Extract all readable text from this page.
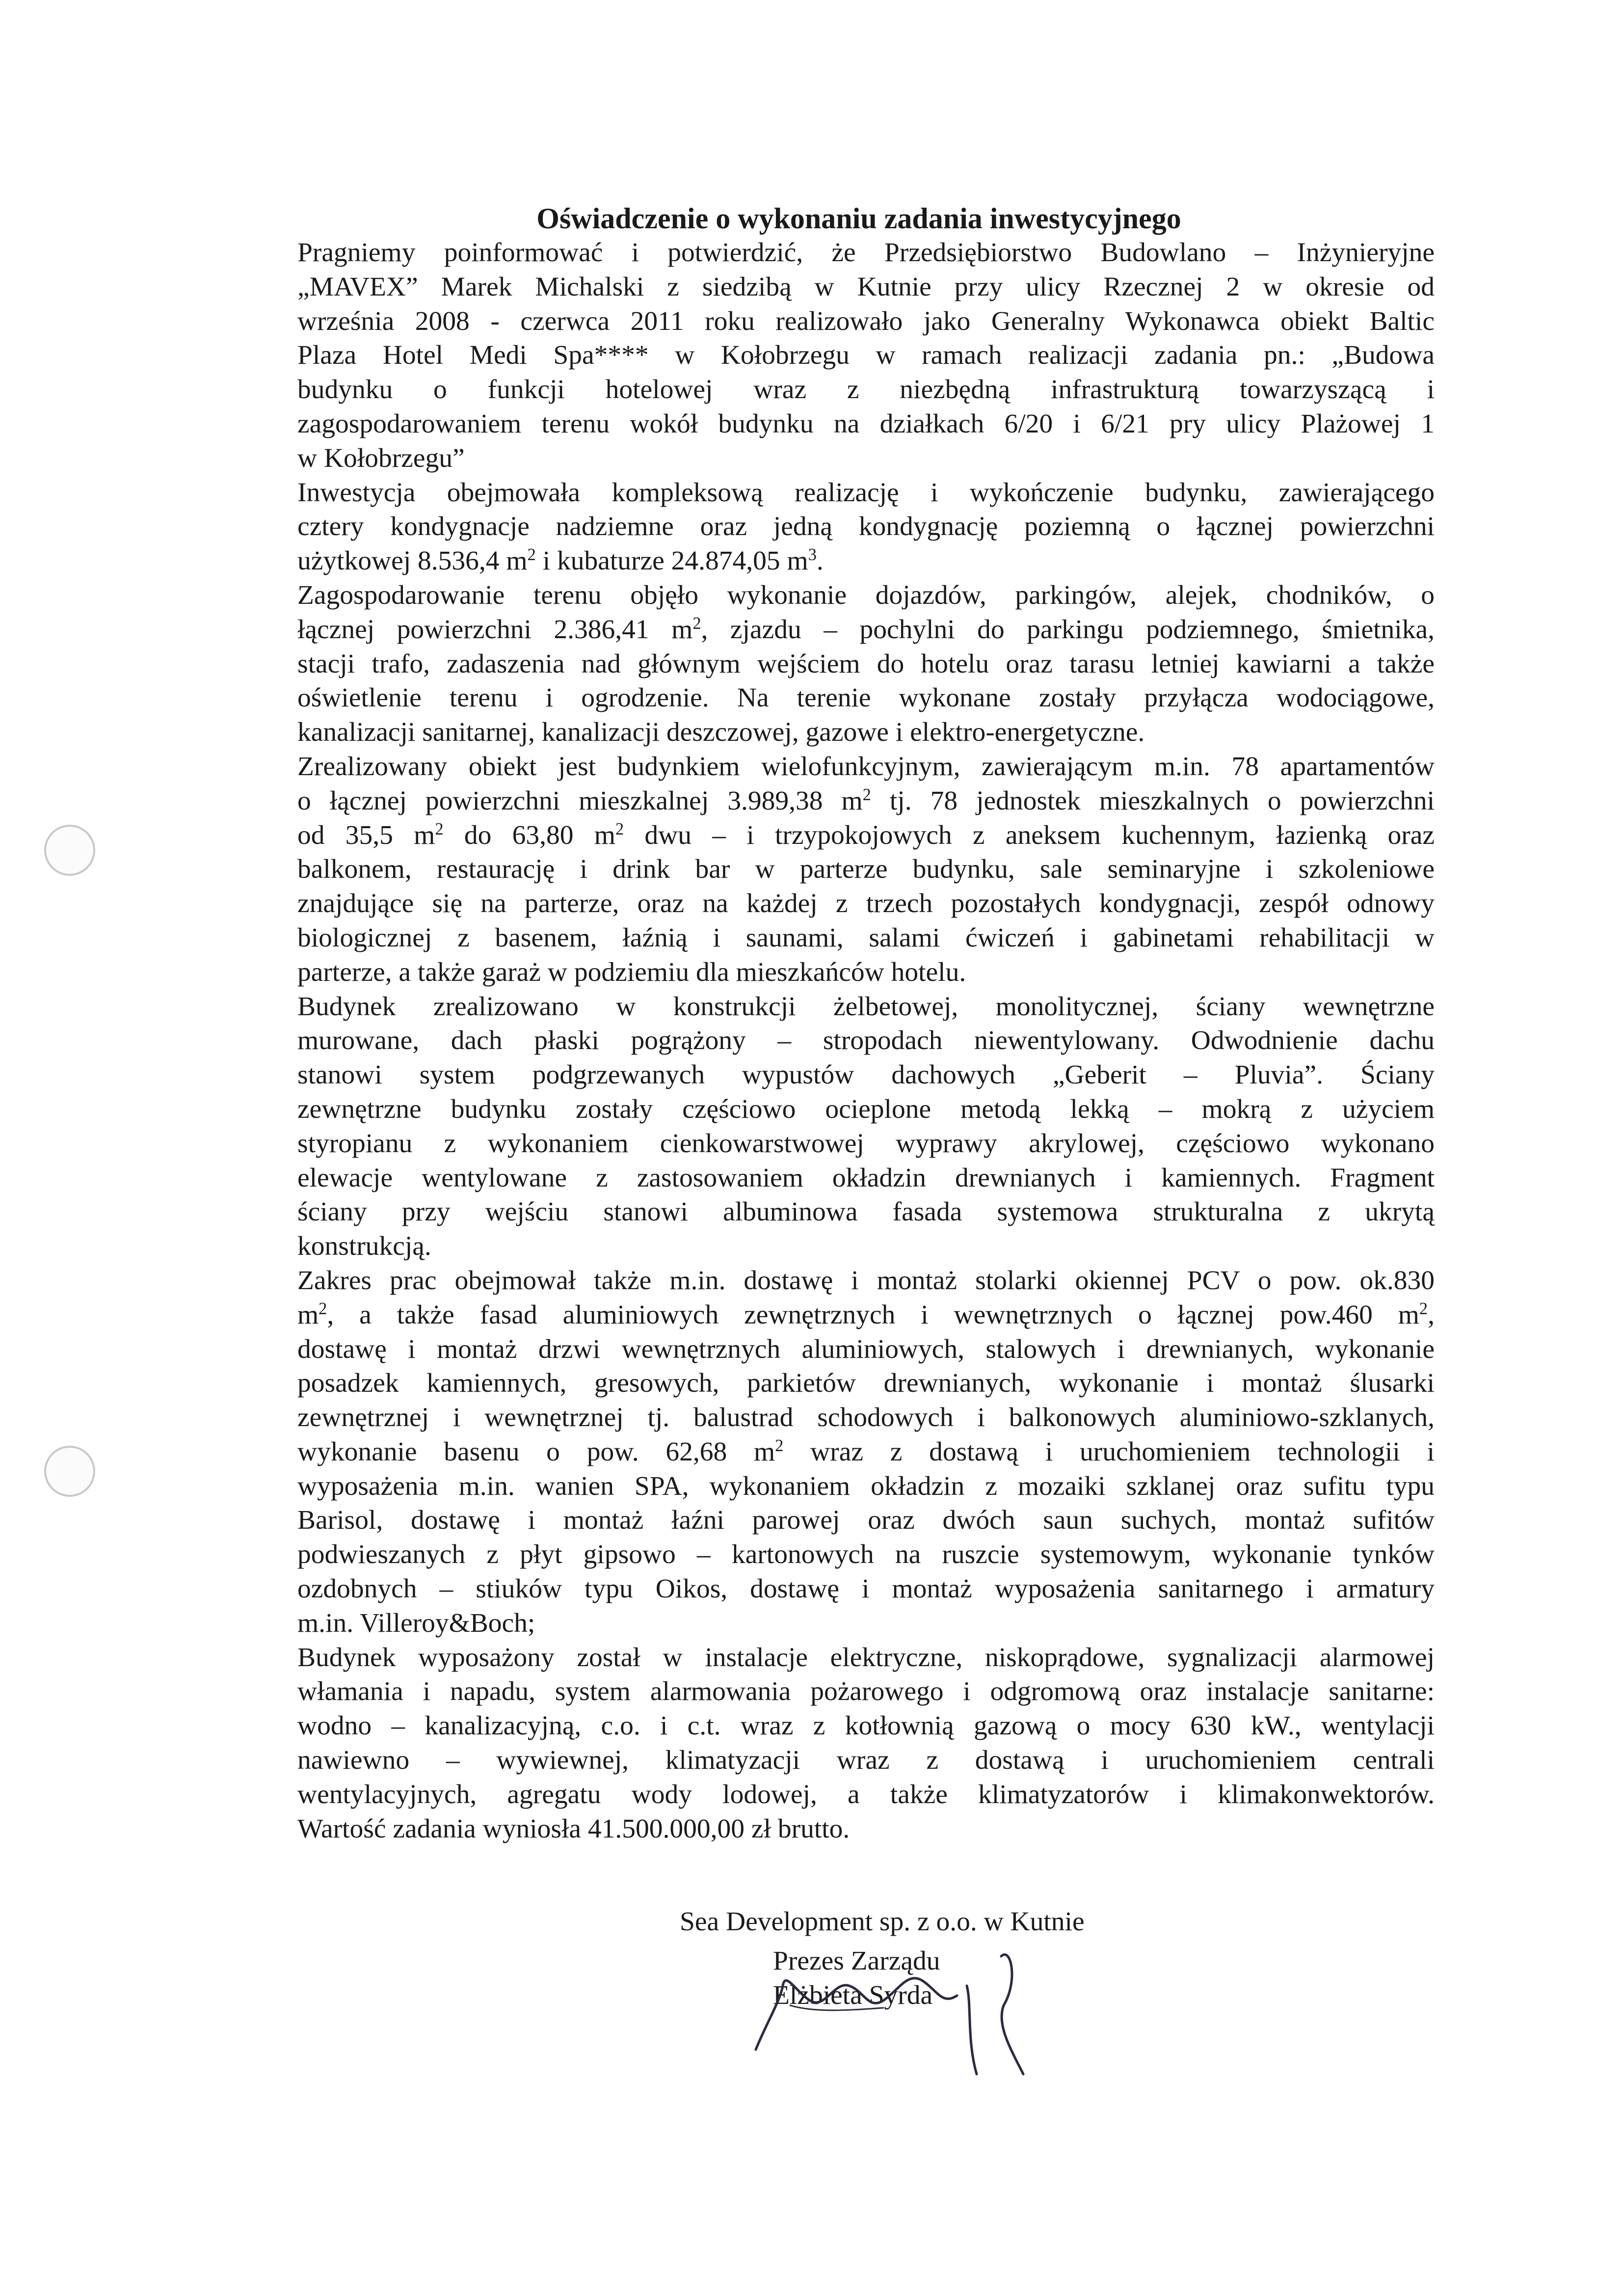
Oświadczenie o wykonaniu zadania inwestycyjnego

Pragniemy poinformować i potwierdzić, że Przedsiębiorstwo Budowlano – Inżynieryjne
„MAVEX” Marek Michalski z siedzibą w Kutnie przy ulicy Rzecznej 2 w okresie od
września 2008 - czerwca 2011 roku realizowało jako Generalny Wykonawca obiekt Baltic
Plaza Hotel Medi Spa**** w Kołobrzegu w ramach realizacji zadania pn.: „Budowa
budynku o funkcji hotelowej wraz z niezbędną infrastrukturą towarzyszącą i
zagospodarowaniem terenu wokół budynku na działkach 6/20 i 6/21 pry ulicy Plażowej 1
w Kołobrzegu”

Inwestycja obejmowała kompleksową realizację i wykończenie budynku, zawierającego
cztery kondygnacje nadziemne oraz jedną kondygnację poziemną o łącznej powierzchni
użytkowej 8.536,4 $m^2$ i kubaturze 24.874,05 $m^3$.

Zagospodarowanie terenu objęło wykonanie dojazdów, parkingów, alejek, chodników, o
łącznej powierzchni 2.386,41 $m^2$, zjazdu – pochylni do parkingu podziemnego, śmietnika,
stacji trafo, zadaszenia nad głównym wejściem do hotelu oraz tarasu letniej kawiarni a także
oświetlenie terenu i ogrodzenie. Na terenie wykonane zostały przyłącza wodociągowe,
kanalizacji sanitarnej, kanalizacji deszczowej, gazowe i elektro-energetyczne.

Zrealizowany obiekt jest budynkiem wielofunkcyjnym, zawierającym m.in. 78 apartamentów
o łącznej powierzchni mieszkalnej 3.989,38 $m^2$ tj. 78 jednostek mieszkalnych o powierzchni
od 35,5 $m^2$ do 63,80 $m^2$ dwu – i trzypokojowych z aneksem kuchennym, łazienką oraz
balkonem, restaurację i drink bar w parterze budynku, sale seminaryjne i szkoleniowe
znajdujące się na parterze, oraz na każdej z trzech pozostałych kondygnacji, zespół odnowy
biologicznej z basenem, łaźnią i saunami, salami ćwiczeń i gabinetami rehabilitacji w
parterze, a także garaż w podziemiu dla mieszkańców hotelu.

Budynek zrealizowano w konstrukcji żelbetowej, monolitycznej, ściany wewnętrzne
murowane, dach płaski pogrążony – stropodach niewentylowany. Odwodnienie dachu
stanowi system podgrzewanych wypustów dachowych „Geberit – Pluvia”. Ściany
zewnętrzne budynku zostały częściowo ocieplone metodą lekką – mokrą z użyciem
styropianu z wykonaniem cienkowarstwowej wyprawy akrylowej, częściowo wykonano
elewacje wentylowane z zastosowaniem okładzin drewnianych i kamiennych. Fragment
ściany przy wejściu stanowi albuminowa fasada systemowa strukturalna z ukrytą
konstrukcją.

Zakres prac obejmował także m.in. dostawę i montaż stolarki okiennej PCV o pow. ok.830
$m^2$, a także fasad aluminiowych zewnętrznych i wewnętrznych o łącznej pow.460 $m^2$,
dostawę i montaż drzwi wewnętrznych aluminiowych, stalowych i drewnianych, wykonanie
posadzek kamiennych, gresowych, parkietów drewnianych, wykonanie i montaż ślusarki
zewnętrznej i wewnętrznej tj. balustrad schodowych i balkonowych aluminiowo-szklanych,
wykonanie basenu o pow. 62,68 $m^2$ wraz z dostawą i uruchomieniem technologii i
wyposażenia m.in. wanien SPA, wykonaniem okładzin z mozaiki szklanej oraz sufitu typu
Barisol, dostawę i montaż łaźni parowej oraz dwóch saun suchych, montaż sufitów
podwieszanych z płyt gipsowo – kartonowych na ruszcie systemowym, wykonanie tynków
ozdobnych – stiuków typu Oikos, dostawę i montaż wyposażenia sanitarnego i armatury
m.in. Villeroy&Boch;

Budynek wyposażony został w instalacje elektryczne, niskoprądowe, sygnalizacji alarmowej
włamania i napadu, system alarmowania pożarowego i odgromową oraz instalacje sanitarne:
wodno – kanalizacyjną, c.o. i c.t. wraz z kotłownią gazową o mocy 630 kW., wentylacji
nawiewno – wywiewnej, klimatyzacji wraz z dostawą i uruchomieniem centrali
wentylacyjnych, agregatu wody lodowej, a także klimatyzatorów i klimakonwektorów.
Wartość zadania wyniosła 41.500.000,00 zł brutto.

Sea Development sp. z o.o. w Kutnie
Prezes Zarządu
Elżbieta Syrda
